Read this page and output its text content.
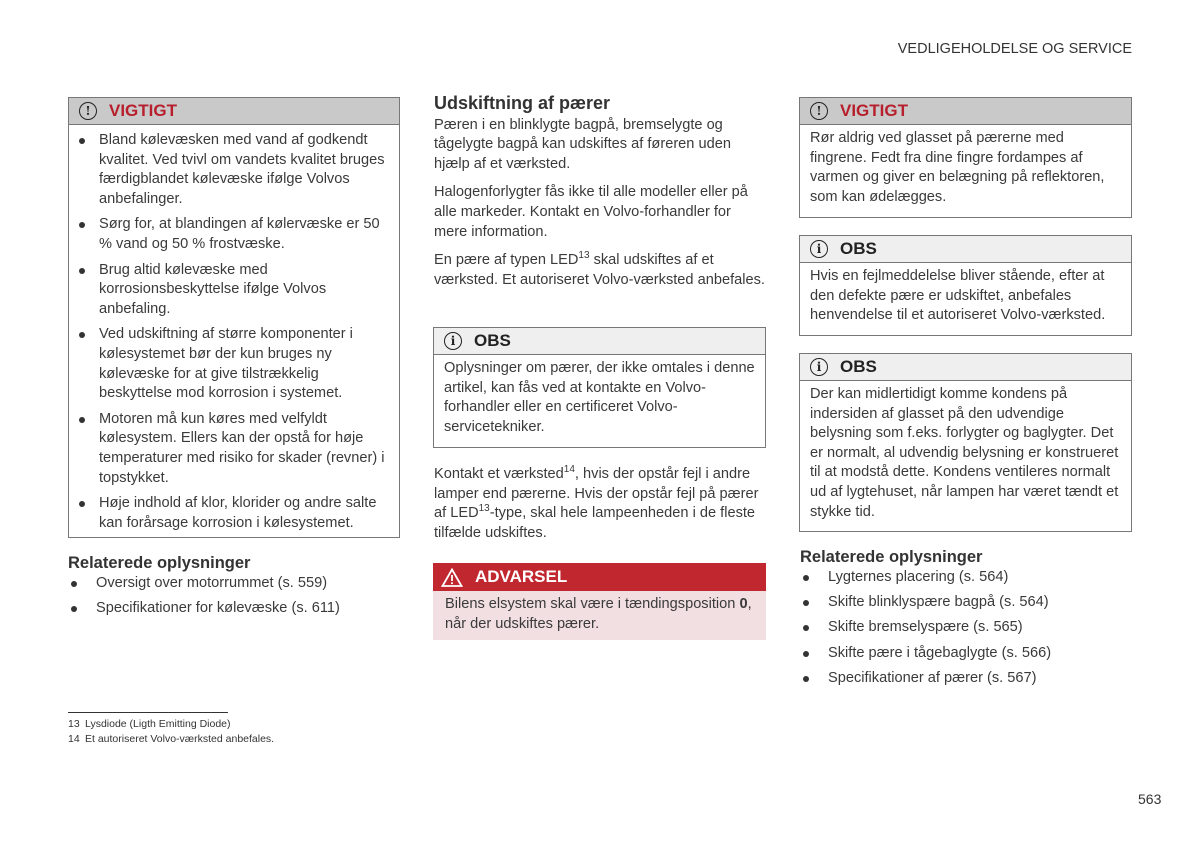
VEDLIGEHOLDELSE OG SERVICE
!	VIGTIGT
Bland kølevæsken med vand af godkendt kvalitet. Ved tvivl om vandets kvalitet bruges færdigblandet kølevæske ifølge Volvos anbefalinger.
Sørg for, at blandingen af kølervæske er 50 % vand og 50 % frostvæske.
Brug altid kølevæske med korrosionsbeskyttelse ifølge Volvos anbefaling.
Ved udskiftning af større komponenter i kølesystemet bør der kun bruges ny kølevæske for at give tilstrækkelig beskyttelse mod korrosion i systemet.
Motoren må kun køres med velfyldt kølesystem. Ellers kan der opstå for høje temperaturer med risiko for skader (revner) i topstykket.
Høje indhold af klor, klorider og andre salte kan forårsage korrosion i kølesystemet.
Relaterede oplysninger
Oversigt over motorrummet (s. 559)
Specifikationer for kølevæske (s. 611)
Udskiftning af pærer

Pæren i en blinklygte bagpå, bremselygte og tågelygte bagpå kan udskiftes af føreren uden hjælp af et værksted.

Halogenforlygter fås ikke til alle modeller eller på alle markeder. Kontakt en Volvo-forhandler for mere information.

En pære af typen LED$^{13}$ skal udskiftes af et værksted. Et autoriseret Volvo-værksted anbefales.

i	OBS
Oplysninger om pærer, der ikke omtales i denne artikel, kan fås ved at kontakte en Volvo-forhandler eller en certificeret Volvo-servicetekniker.
Kontakt et værksted$^{14}$, hvis der opstår fejl i andre lamper end pærerne. Hvis der opstår fejl på pærer af LED$^{13}$-type, skal hele lampeenheden i de fleste tilfælde udskiftes.
ADVARSEL
Bilens elsystem skal være i tændingsposition 0, når der udskiftes pærer.
!	VIGTIGT
Rør aldrig ved glasset på pærerne med fingrene. Fedt fra dine fingre fordampes af varmen og giver en belægning på reflektoren, som kan ødelægges.
i	OBS
Hvis en fejlmeddelelse bliver stående, efter at den defekte pære er udskiftet, anbefales henvendelse til et autoriseret Volvo-værksted.
i	OBS
Der kan midlertidigt komme kondens på indersiden af glasset på den udvendige belysning som f.eks. forlygter og baglygter. Det er normalt, al udvendig belysning er konstrueret til at modstå dette. Kondens ventileres normalt ud af lygtehuset, når lampen har været tændt et stykke tid.
Relaterede oplysninger
Lygternes placering (s. 564)
Skifte blinklyspære bagpå (s. 564)
Skifte bremselyspære (s. 565)
Skifte pære i tågebaglygte (s. 566)
Specifikationer af pærer (s. 567)
13 Lysdiode (Ligth Emitting Diode)
14 Et autoriseret Volvo-værksted anbefales.
563
